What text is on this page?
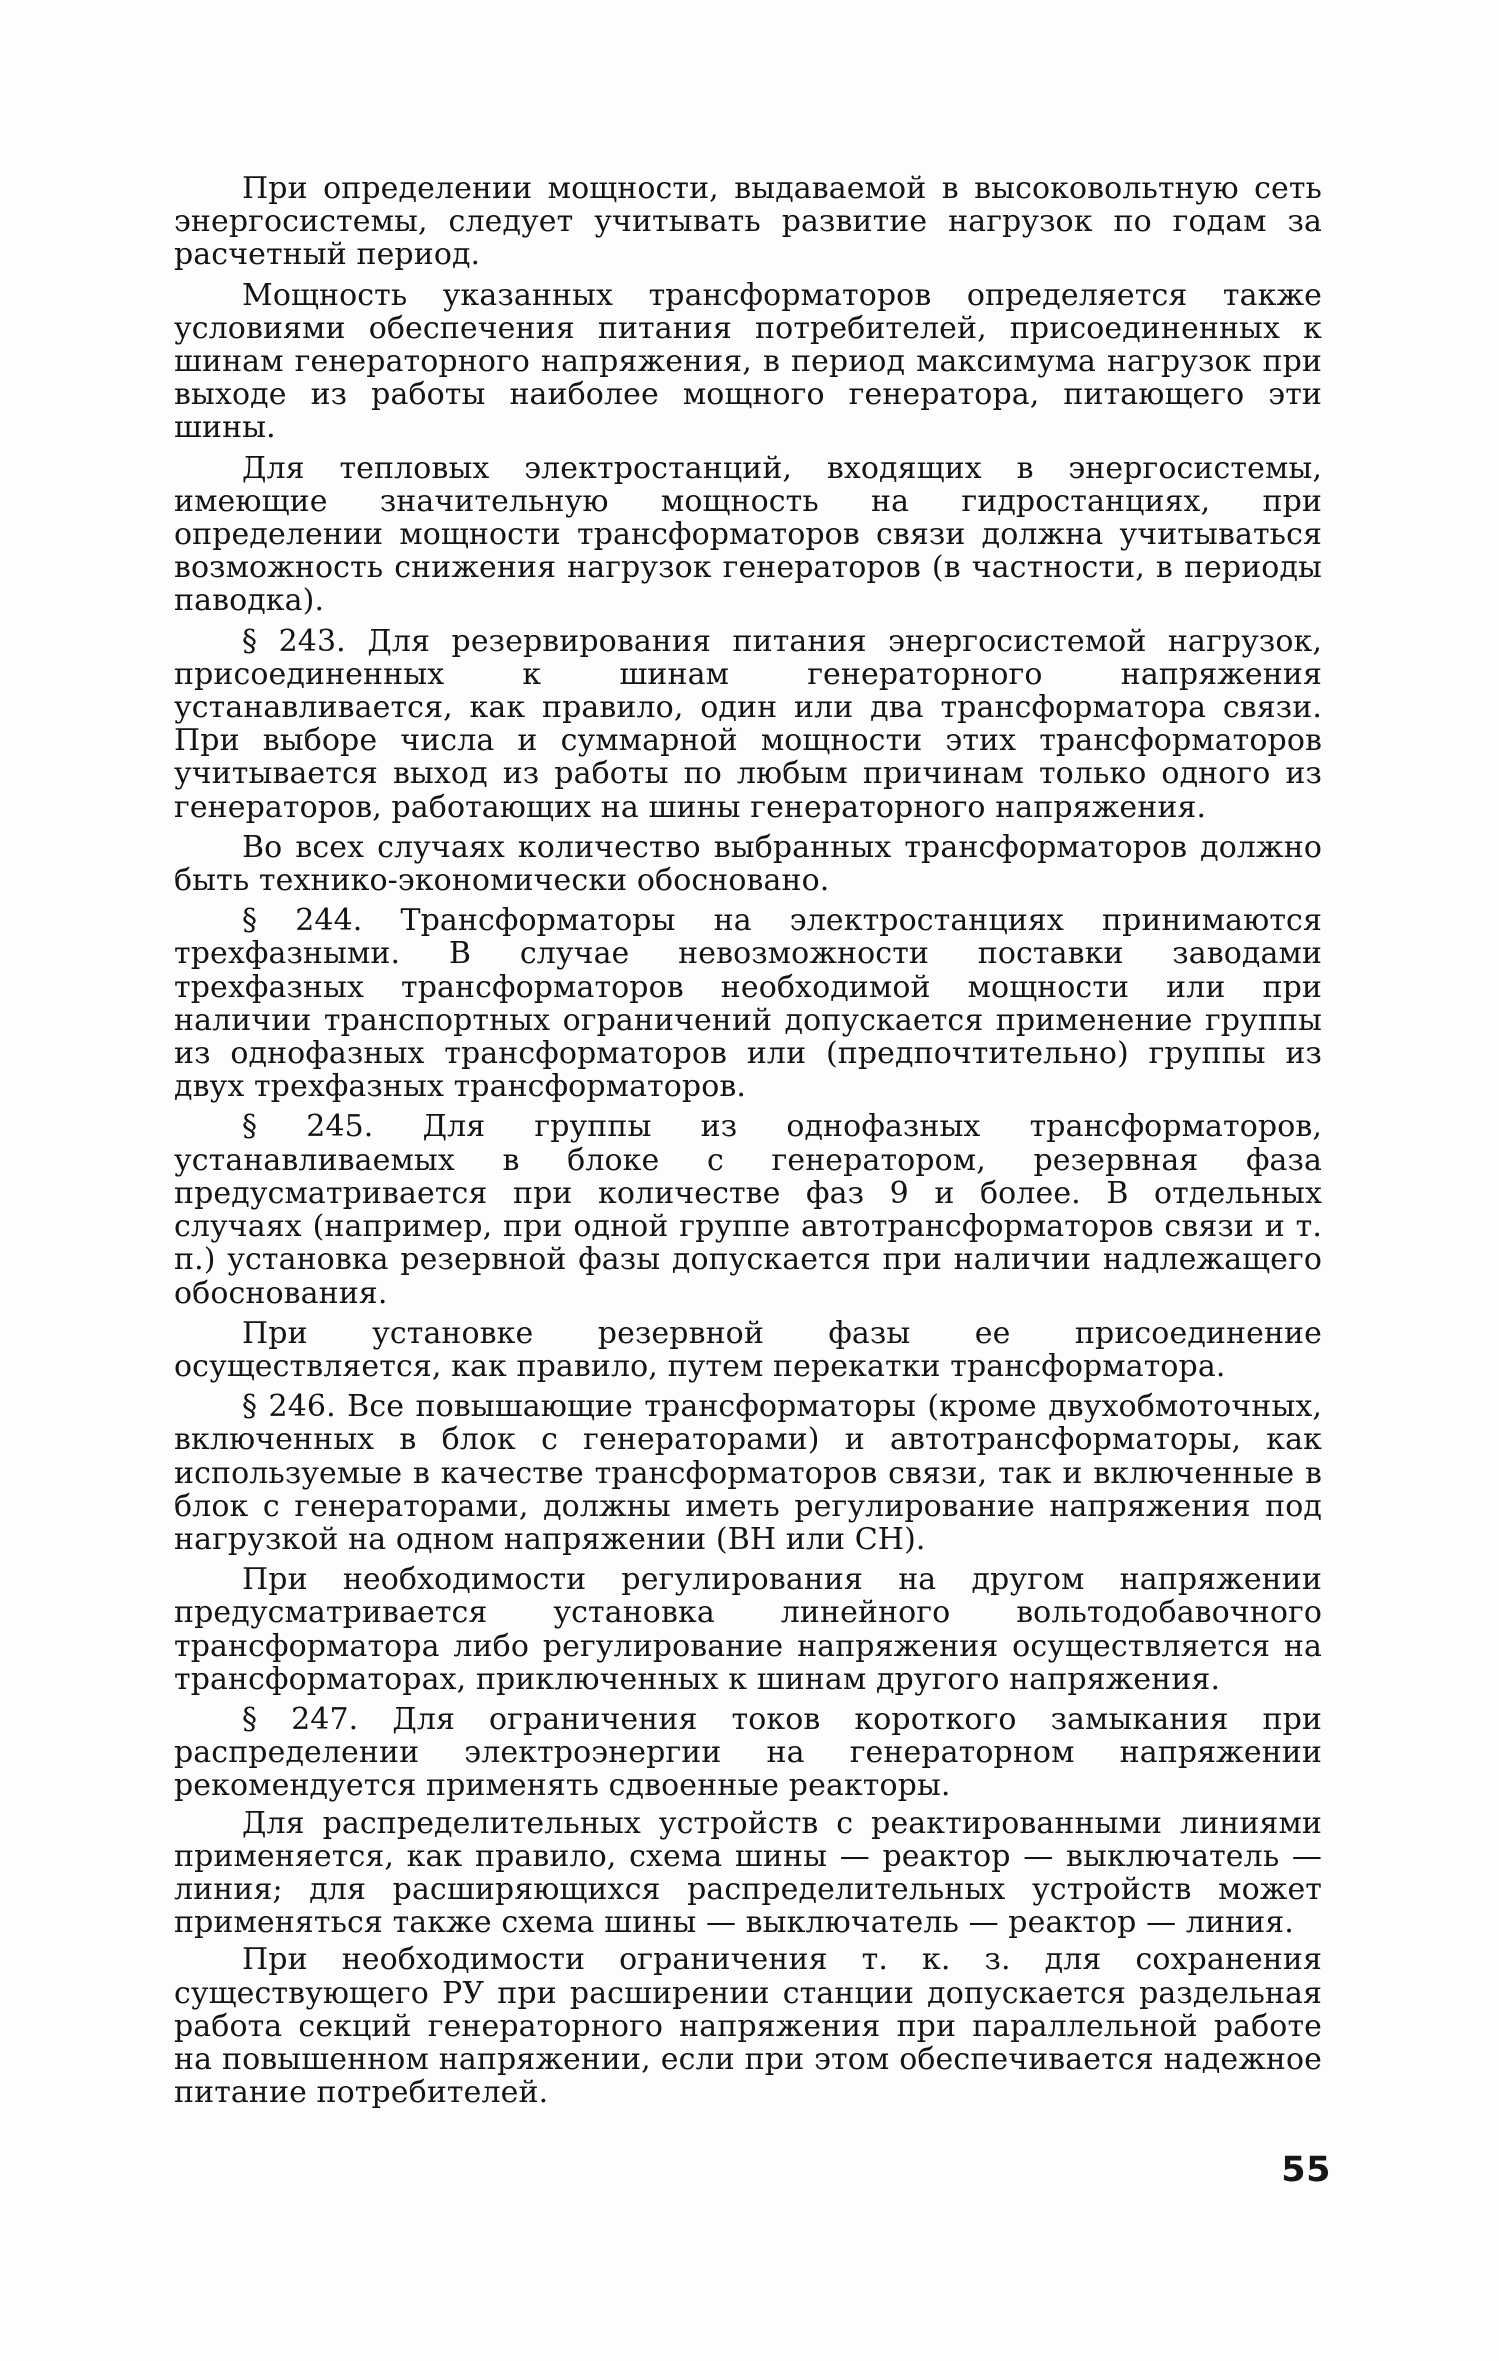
При определении мощности, выдаваемой в высоковольтную сеть энергосистемы, следует учитывать развитие нагрузок по годам за расчетный период.

Мощность указанных трансформаторов определяется также условиями обеспечения питания потребителей, присоединенных к шинам генераторного напряжения, в период максимума нагрузок при выходе из работы наиболее мощного генератора, питающего эти шины.

Для тепловых электростанций, входящих в энергосистемы, имеющие значительную мощность на гидростанциях, при определении мощности трансформаторов связи должна учитываться возможность снижения нагрузок генераторов (в частности, в периоды паводка).

§ 243. Для резервирования питания энергосистемой нагрузок, присоединенных к шинам генераторного напряжения устанавливается, как правило, один или два трансформатора связи. При выборе числа и суммарной мощности этих трансформаторов учитывается выход из работы по любым причинам только одного из генераторов, работающих на шины генераторного напряжения.

Во всех случаях количество выбранных трансформаторов должно быть технико-экономически обосновано.

§ 244. Трансформаторы на электростанциях принимаются трехфазными. В случае невозможности поставки заводами трехфазных трансформаторов необходимой мощности или при наличии транспортных ограничений допускается применение группы из однофазных трансформаторов или (предпочтительно) группы из двух трехфазных трансформаторов.

§ 245. Для группы из однофазных трансформаторов, устанавливаемых в блоке с генератором, резервная фаза предусматривается при количестве фаз 9 и более. В отдельных случаях (например, при одной группе автотрансформаторов связи и т. п.) установка резервной фазы допускается при наличии надлежащего обоснования.

При установке резервной фазы ее присоединение осуществляется, как правило, путем перекатки трансформатора.

§ 246. Все повышающие трансформаторы (кроме двухобмоточных, включенных в блок с генераторами) и автотрансформаторы, как используемые в качестве трансформаторов связи, так и включенные в блок с генераторами, должны иметь регулирование напряжения под нагрузкой на одном напряжении (ВН или СН).

При необходимости регулирования на другом напряжении предусматривается установка линейного вольтодобавочного трансформатора либо регулирование напряжения осуществляется на трансформаторах, приключенных к шинам другого напряжения.

§ 247. Для ограничения токов короткого замыкания при распределении электроэнергии на генераторном напряжении рекомендуется применять сдвоенные реакторы.

Для распределительных устройств с реактированными линиями применяется, как правило, схема шины — реактор — выключатель — линия; для расширяющихся распределительных устройств может применяться также схема шины — выключатель — реактор — линия.

При необходимости ограничения т. к. з. для сохранения существующего РУ при расширении станции допускается раздельная работа секций генераторного напряжения при параллельной работе на повышенном напряжении, если при этом обеспечивается надежное питание потребителей.

55
